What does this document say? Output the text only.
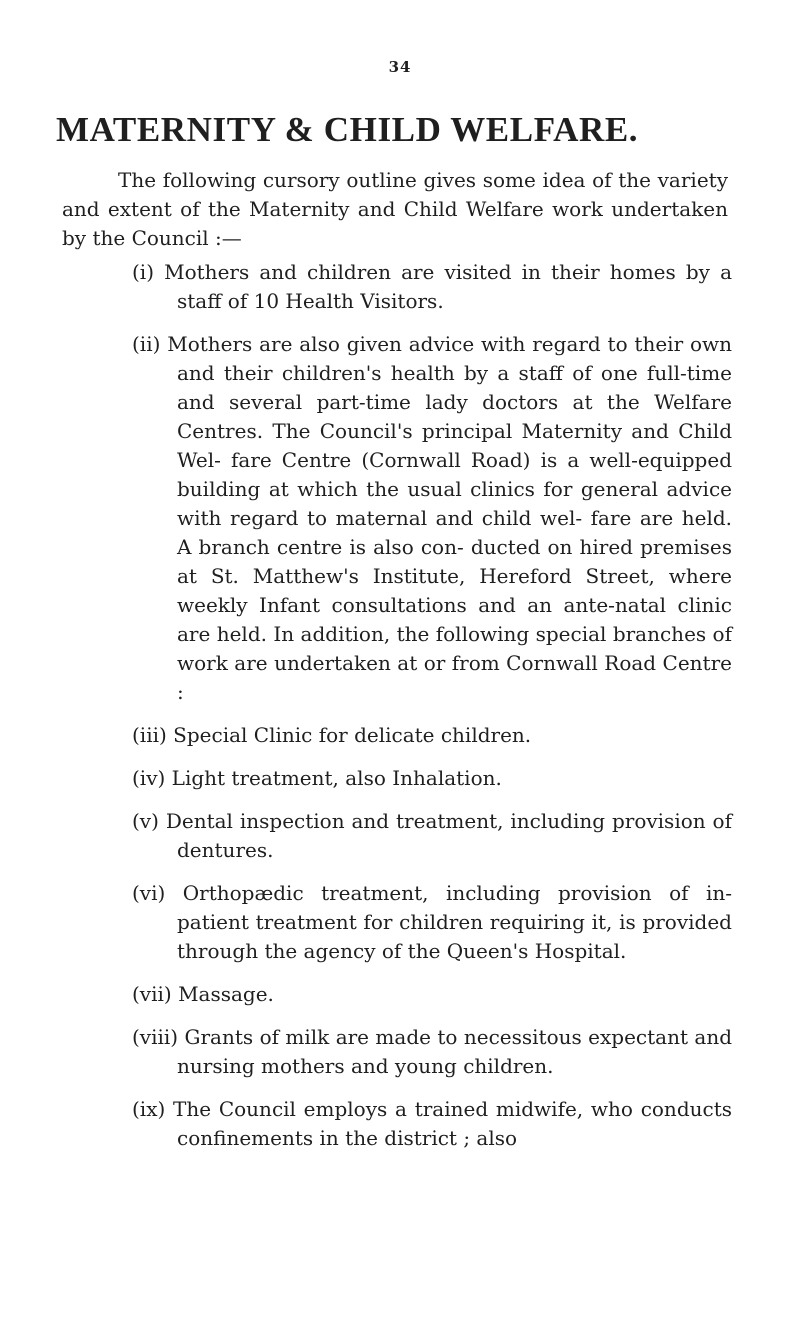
34
MATERNITY & CHILD WELFARE.

The following cursory outline gives some idea of the variety and extent of the Maternity and Child Welfare work undertaken by the Council :—

(i) Mothers and children are visited in their homes by a staff of 10 Health Visitors.
(ii) Mothers are also given advice with regard to their own and their children's health by a staff of one full-time and several part-time lady doctors at the Welfare Centres. The Council's principal Maternity and Child Wel- fare Centre (Cornwall Road) is a well-equipped building at which the usual clinics for general advice with regard to maternal and child wel- fare are held. A branch centre is also con- ducted on hired premises at St. Matthew's Institute, Hereford Street, where weekly Infant consultations and an ante-natal clinic are held. In addition, the following special branches of work are undertaken at or from Cornwall Road Centre :
(iii) Special Clinic for delicate children.
(iv) Light treatment, also Inhalation.
(v) Dental inspection and treatment, including provision of dentures.
(vi) Orthopædic treatment, including provision of in-patient treatment for children requiring it, is provided through the agency of the Queen's Hospital.
(vii) Massage.
(viii) Grants of milk are made to necessitous expectant and nursing mothers and young children.
(ix) The Council employs a trained midwife, who conducts confinements in the district ; also
